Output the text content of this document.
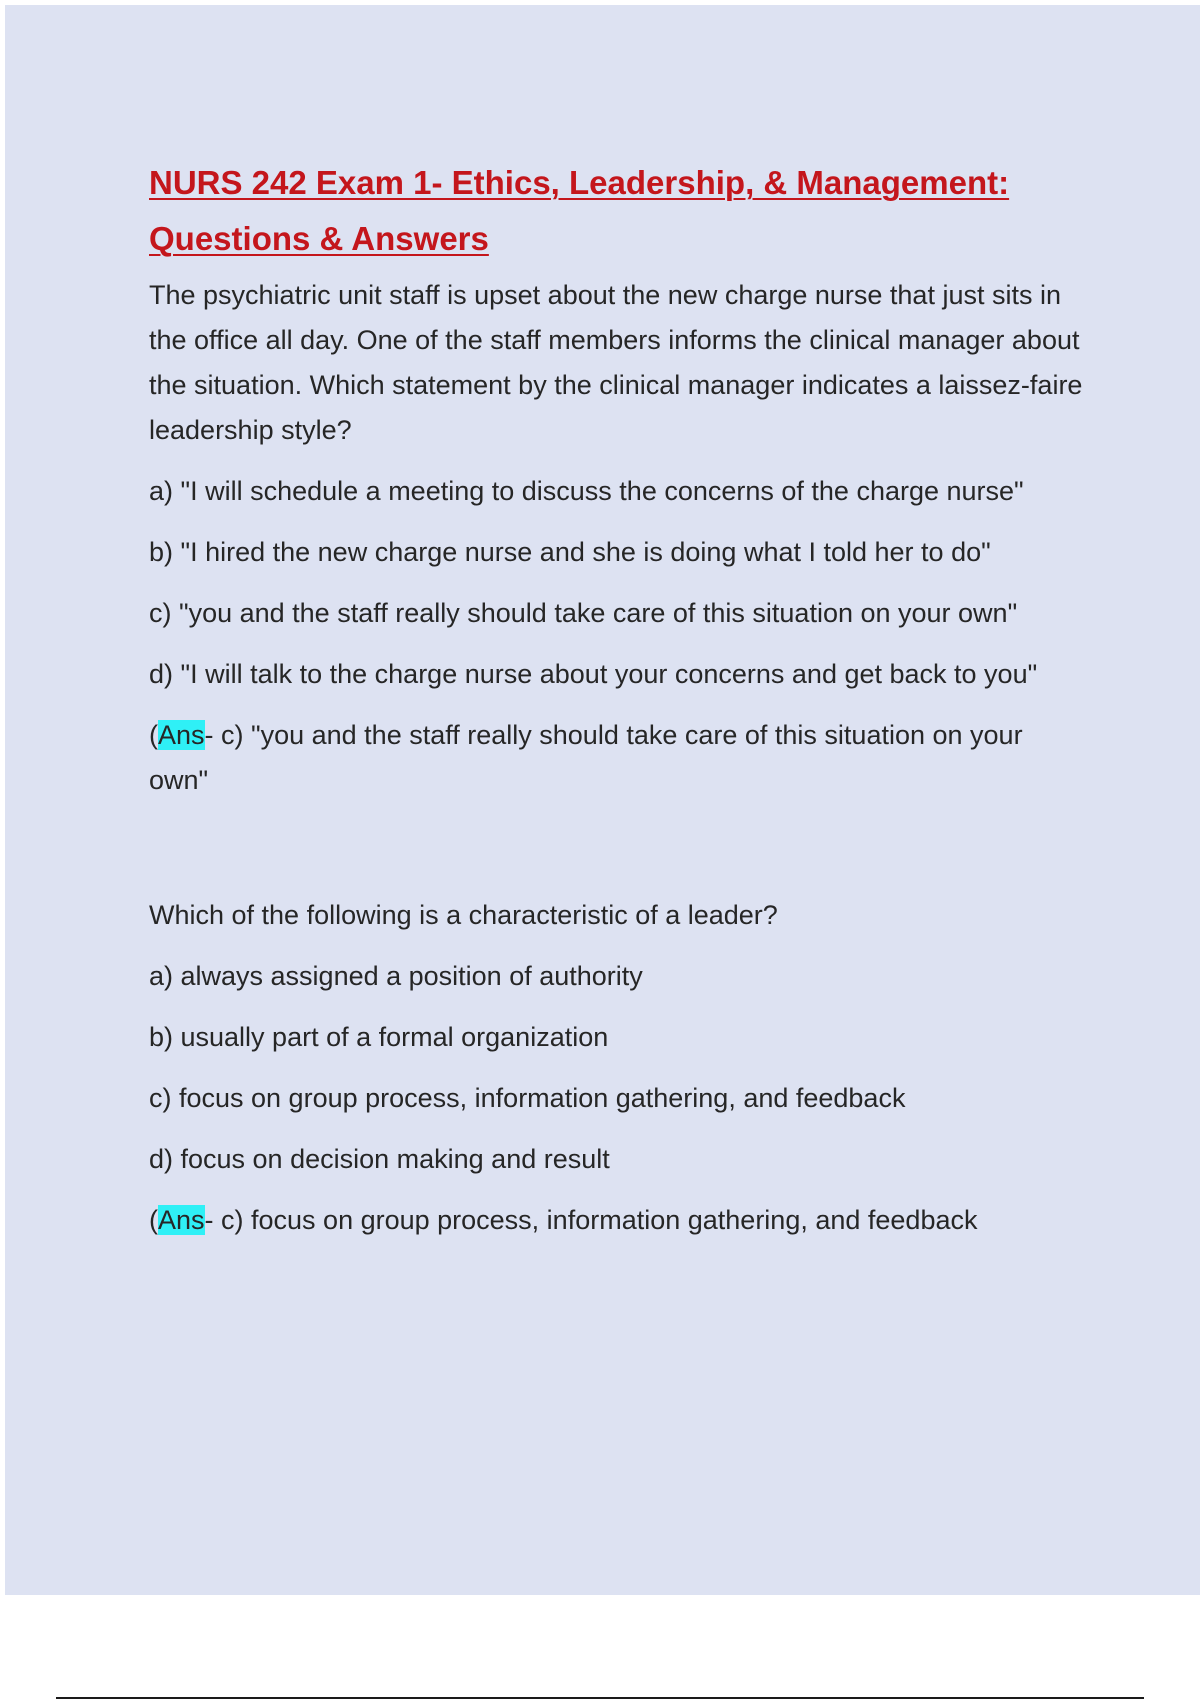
NURS 242 Exam 1- Ethics, Leadership, & Management: Questions & Answers

The psychiatric unit staff is upset about the new charge nurse that just sits in the office all day. One of the staff members informs the clinical manager about the situation. Which statement by the clinical manager indicates a laissez-faire leadership style?

a) "I will schedule a meeting to discuss the concerns of the charge nurse"

b) "I hired the new charge nurse and she is doing what I told her to do"

c) "you and the staff really should take care of this situation on your own"

d) "I will talk to the charge nurse about your concerns and get back to you"

(Ans- c) "you and the staff really should take care of this situation on your own"

Which of the following is a characteristic of a leader?

a) always assigned a position of authority

b) usually part of a formal organization

c) focus on group process, information gathering, and feedback

d) focus on decision making and result

(Ans- c) focus on group process, information gathering, and feedback
